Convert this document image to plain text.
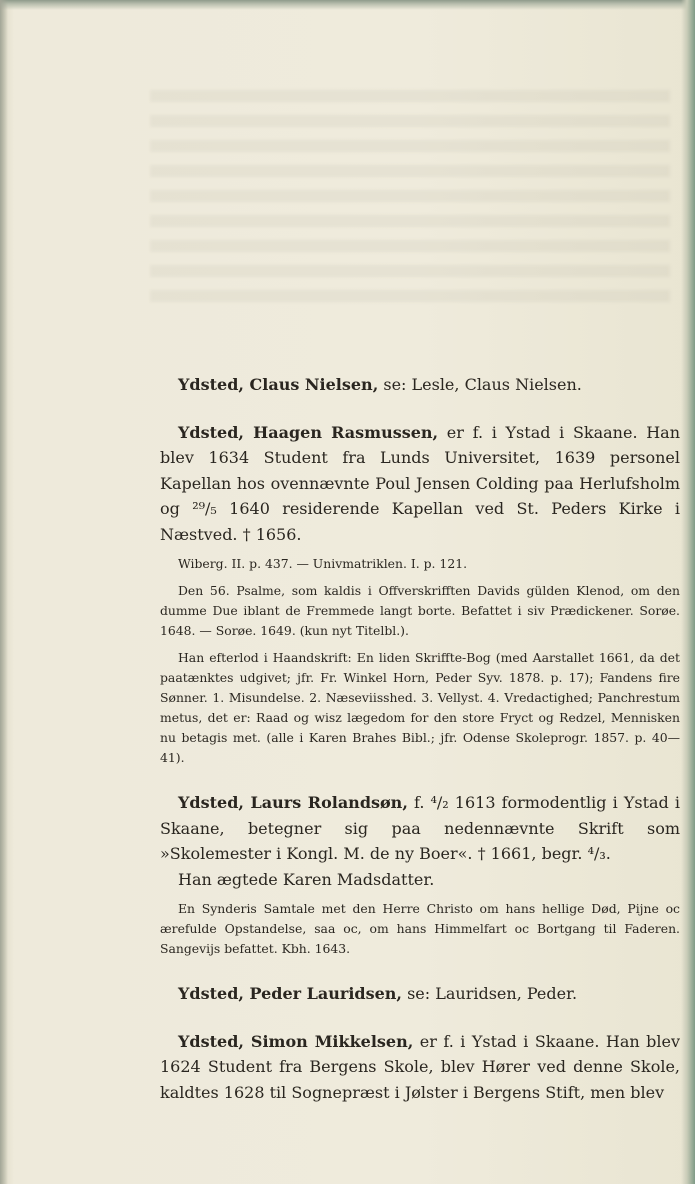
Ydsted, Claus Nielsen, se: Lesle, Claus Nielsen.

Ydsted, Haagen Rasmussen, er f. i Ystad i Skaane. Han blev 1634 Student fra Lunds Universitet, 1639 personel Kapellan hos ovennævnte Poul Jensen Colding paa Herlufsholm og ²⁹/₅ 1640 residerende Kapellan ved St. Peders Kirke i Næstved. † 1656.

Wiberg. II. p. 437. — Univmatriklen. I. p. 121.

Den 56. Psalme, som kaldis i Offverskrifften Davids gülden Klenod, om den dumme Due iblant de Fremmede langt borte. Befattet i siv Prædickener. Sorøe. 1648. — Sorøe. 1649. (kun nyt Titelbl.).

Han efterlod i Haandskrift: En liden Skriffte-Bog (med Aarstallet 1661, da det paatænktes udgivet; jfr. Fr. Winkel Horn, Peder Syv. 1878. p. 17); Fandens fire Sønner. 1. Misundelse. 2. Næseviisshed. 3. Vellyst. 4. Vredactighed; Panchrestum metus, det er: Raad og wisz lægedom for den store Fryct og Redzel, Mennisken nu betagis met. (alle i Karen Brahes Bibl.; jfr. Odense Skoleprogr. 1857. p. 40—41).

Ydsted, Laurs Rolandsøn, f. ⁴/₂ 1613 formodentlig i Ystad i Skaane, betegner sig paa nedennævnte Skrift som »Skolemester i Kongl. M. de ny Boer«. † 1661, begr. ⁴/₃.

Han ægtede Karen Madsdatter.

En Synderis Samtale met den Herre Christo om hans hellige Død, Pijne oc ærefulde Opstandelse, saa oc, om hans Himmelfart oc Bortgang til Faderen. Sangevijs befattet. Kbh. 1643.

Ydsted, Peder Lauridsen, se: Lauridsen, Peder.

Ydsted, Simon Mikkelsen, er f. i Ystad i Skaane. Han blev 1624 Student fra Bergens Skole, blev Hører ved denne Skole, kaldtes 1628 til Sognepræst i Jølster i Bergens Stift, men blev
